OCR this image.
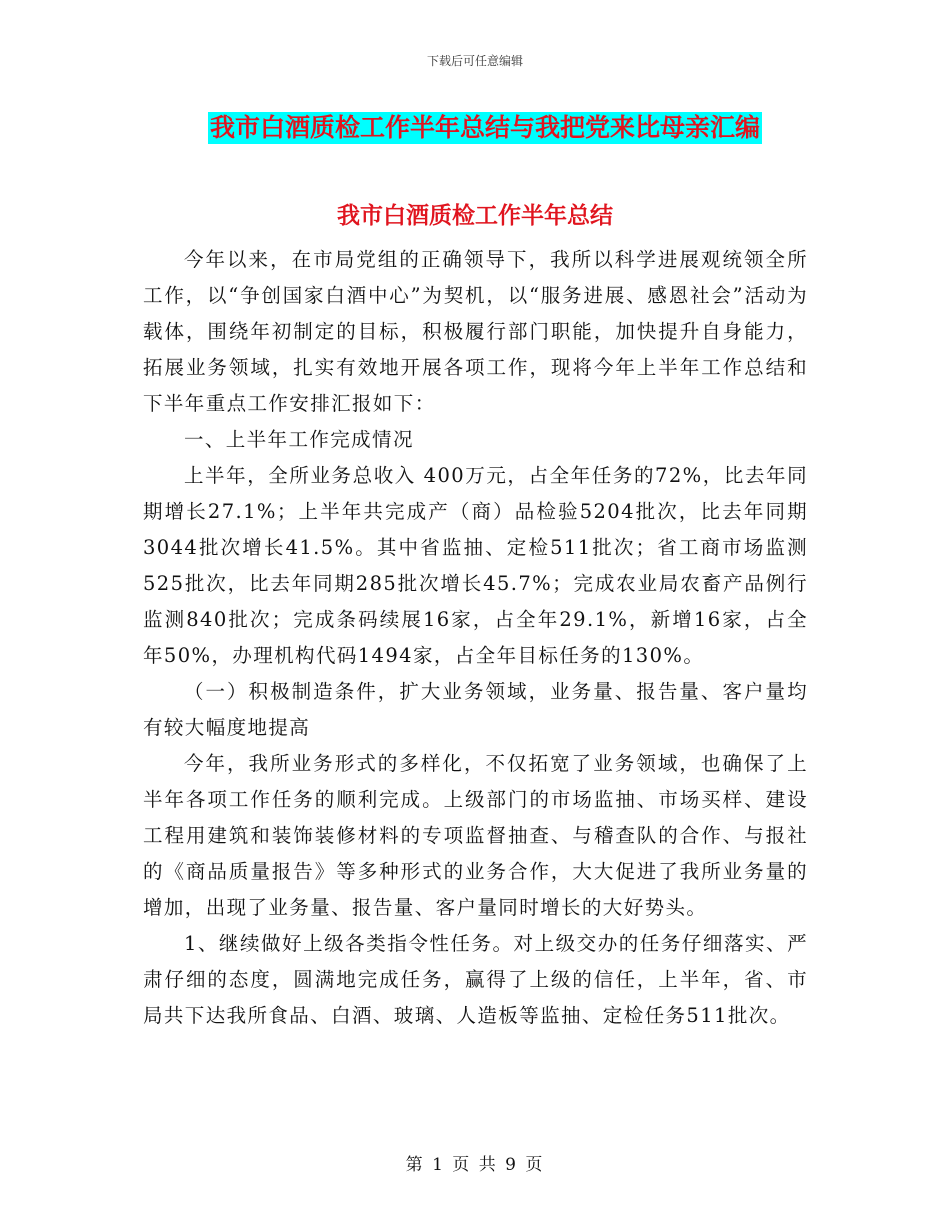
下载后可任意编辑
我市白酒质检工作半年总结与我把党来比母亲汇编
我市白酒质检工作半年总结

今年以来，在市局党组的正确领导下，我所以科学进展观统领全所工作，以“争创国家白酒中心”为契机，以“服务进展、感恩社会”活动为载体，围绕年初制定的目标，积极履行部门职能，加快提升自身能力，拓展业务领域，扎实有效地开展各项工作，现将今年上半年工作总结和下半年重点工作安排汇报如下：

一、上半年工作完成情况

上半年，全所业务总收入 400万元，占全年任务的72%，比去年同期增长27.1%；上半年共完成产（商）品检验5204批次，比去年同期3044批次增长41.5%。其中省监抽、定检511批次；省工商市场监测525批次，比去年同期285批次增长45.7%；完成农业局农畜产品例行监测840批次；完成条码续展16家，占全年29.1%，新增16家，占全年50%，办理机构代码1494家，占全年目标任务的130%。

（一）积极制造条件，扩大业务领域，业务量、报告量、客户量均有较大幅度地提高

今年，我所业务形式的多样化，不仅拓宽了业务领域，也确保了上半年各项工作任务的顺利完成。上级部门的市场监抽、市场买样、建设工程用建筑和装饰装修材料的专项监督抽查、与稽查队的合作、与报社的《商品质量报告》等多种形式的业务合作，大大促进了我所业务量的增加，出现了业务量、报告量、客户量同时增长的大好势头。

1、继续做好上级各类指令性任务。对上级交办的任务仔细落实、严肃仔细的态度，圆满地完成任务，赢得了上级的信任，上半年，省、市局共下达我所食品、白酒、玻璃、人造板等监抽、定检任务511批次。

第 1 页 共 9 页
